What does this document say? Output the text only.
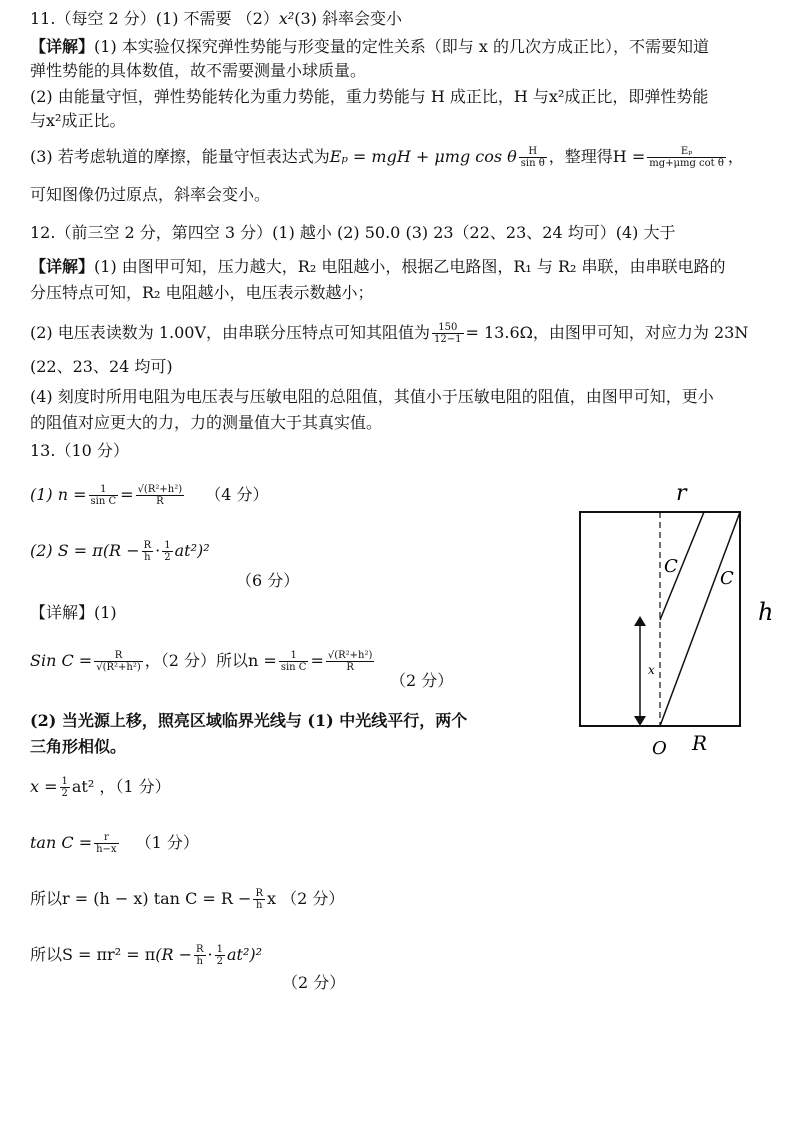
11.（每空 2 分）(1) 不需要 （2）x²(3) 斜率会变小
【详解】(1) 本实验仅探究弹性势能与形变量的定性关系（即与 x 的几次方成正比），不需要知道
弹性势能的具体数值，故不需要测量小球质量。
(2) 由能量守恒，弹性势能转化为重力势能，重力势能与 H 成正比，H 与x²成正比，即弹性势能
与x²成正比。
(3) 若考虑轨道的摩擦，能量守恒表达式为Eₚ = mgH + μmg cos θ $\frac{H}{\text{sin θ}}$ ，整理得$H = \frac{\text{Eₚ}}{\text{mg+μmg cot θ}}$ ，
可知图像仍过原点，斜率会变小。
12.（前三空 2 分，第四空 3 分）(1) 越小 (2) 50.0 (3) 23（22、23、24 均可）(4) 大于
【详解】(1) 由图甲可知，压力越大，R₂ 电阻越小，根据乙电路图，R₁ 与 R₂ 串联，由串联电路的
分压特点可知，R₂ 电阻越小，电压表示数越小；
(2) 电压表读数为 1.00V，由串联分压特点可知其阻值为 $\frac{150}{12-1} = 13.6\Omega$，由图甲可知，对应力为 23N
(22、23、24 均可)
(4) 刻度时所用电阻为电压表与压敏电阻的总阻值，其值小于压敏电阻的阻值，由图甲可知，更小
的阻值对应更大的力，力的测量值大于其真实值。
13.（10 分）
(1) $n = \frac{1}{\text{sin C}} = \frac{\text{√(R²+h²)}}{R} (4$ 分）
(2) $S = \pi(R - \frac{R}{h} \cdot \frac{1}{2} at^2)^2$
（6 分）
【详解】(1)
Sin $C = \frac{R}{\text{√(R²+h²)}}$ ，（2 分）所以$n = \frac{1}{\text{sin C}} = \frac{\text{√(R²+h²)}}{R}$
（2 分）
(2) 当光源上移，照亮区域临界光线与 (1) 中光线平行，两个
三角形相似。
$x = \frac{1}{2} at^2$ ，（1 分）
$\tan C = \frac{r}{h-x} (1$ 分）
所以r = (h − x) $\tan C = R - \frac{R}{h}$ x （2 分）
所以$S = \pi r^2 = \pi(R - \frac{R}{h} \cdot \frac{1}{2} at^2)^2$
（2 分）
r
h
C
C
x
O R
